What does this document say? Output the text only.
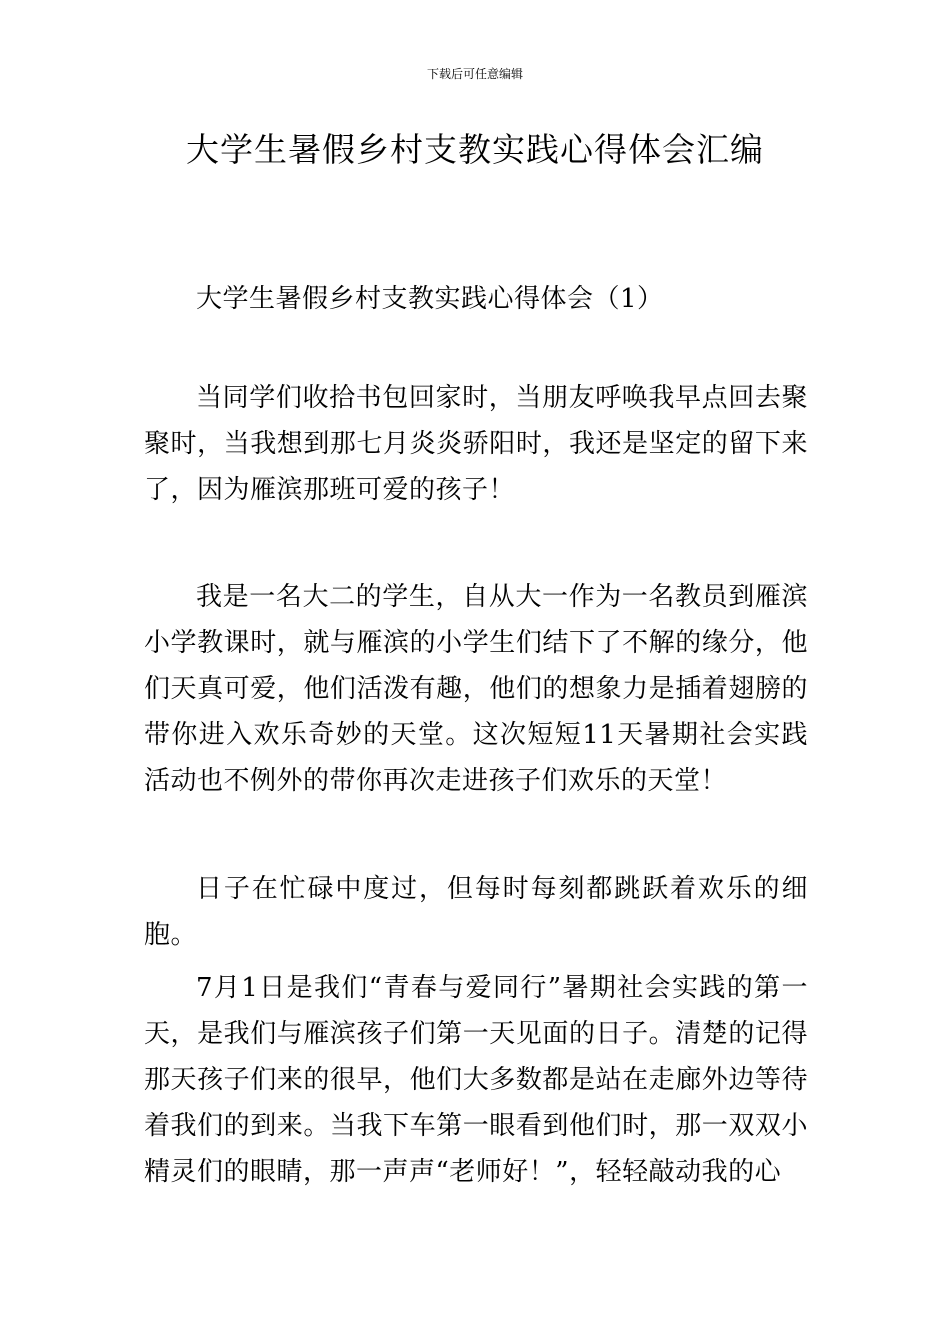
下载后可任意编辑
大学生暑假乡村支教实践心得体会汇编

大学生暑假乡村支教实践心得体会（1）

当同学们收拾书包回家时，当朋友呼唤我早点回去聚聚时，当我想到那七月炎炎骄阳时，我还是坚定的留下来了，因为雁滨那班可爱的孩子！

我是一名大二的学生，自从大一作为一名教员到雁滨小学教课时，就与雁滨的小学生们结下了不解的缘分，他们天真可爱，他们活泼有趣，他们的想象力是插着翅膀的带你进入欢乐奇妙的天堂。这次短短11天暑期社会实践活动也不例外的带你再次走进孩子们欢乐的天堂！

日子在忙碌中度过，但每时每刻都跳跃着欢乐的细胞。

7月1日是我们“青春与爱同行”暑期社会实践的第一天，是我们与雁滨孩子们第一天见面的日子。清楚的记得那天孩子们来的很早，他们大多数都是站在走廊外边等待着我们的到来。当我下车第一眼看到他们时，那一双双小精灵们的眼睛，那一声声“老师好！”，轻轻敲动我的心
